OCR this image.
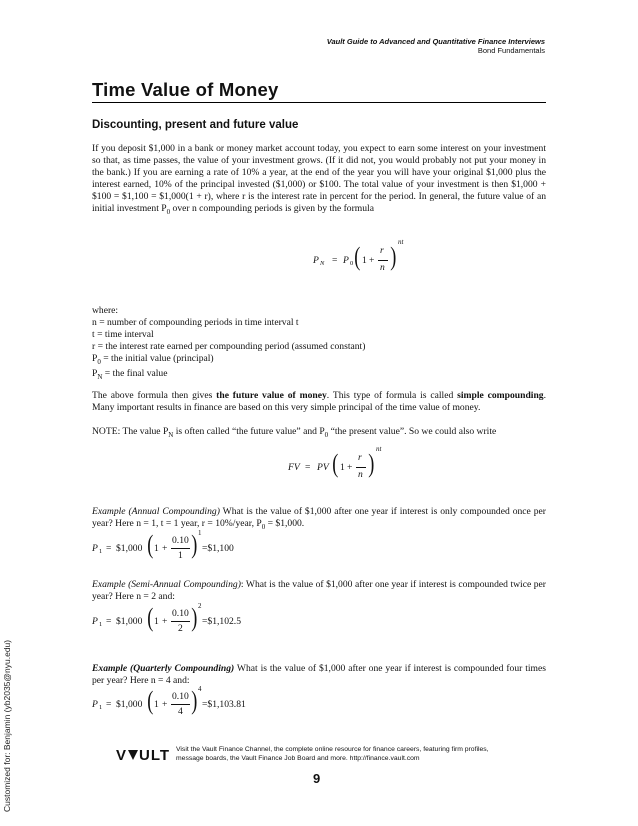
Vault Guide to Advanced and Quantitative Finance Interviews
Bond Fundamentals
Time Value of Money
Discounting, present and future value
If you deposit $1,000 in a bank or money market account today, you expect to earn some interest on your investment so that, as time passes, the value of your investment grows. (If it did not, you would probably not put your money in the bank.) If you are earning a rate of 10% a year, at the end of the year you will have your original $1,000 plus the interest earned, 10% of the principal invested ($1,000) or $100. The total value of your investment is then $1,000 + $100 = $1,100 = $1,000(1 + r), where r is the interest rate in percent for the period. In general, the future value of an initial investment $P_0$ over n compounding periods is given by the formula
P N = P 0 ( 1 +
r
n ) nt
where:
n = number of compounding periods in time interval t
t = time interval
r = the interest rate earned per compounding period (assumed constant)
$P_0$ = the initial value (principal)
$P_N$ = the final value
The above formula then gives the future value of money. This type of formula is called simple compounding. Many important results in finance are based on this very simple principal of the time value of money.
NOTE: The value $P_N$ is often called “the future value” and $P_0$ “the present value”. So we could also write
FV = PV ( 1 +
r
n ) nt
Example (Annual Compounding) What is the value of $1,000 after one year if interest is only compounded once per year? Here n = 1, t = 1 year, r = 10%/year, $P_0$ = $1,000.
P 1 = $1,000 ( 1 +
0.10
1 ) 1
=$1,100
Example (Semi-Annual Compounding): What is the value of $1,000 after one year if interest is compounded twice per year? Here n = 2 and:
P 1 = $1,000 ( 1 +
0.10
2 ) 2
=$1,102.5
Example (Quarterly Compounding) What is the value of $1,000 after one year if interest is compounded four times per year? Here n = 4 and:
P 1 = $1,000 ( 1 +
0.10
4 ) 4
=$1,103.81
Customized for: Benjamin (yb2035@nyu.edu)	V ULT Visit the Vault Finance Channel, the complete online resource for finance careers, featuring firm profiles,
message boards, the Vault Finance Job Board and more. http://finance.vault.com
9
